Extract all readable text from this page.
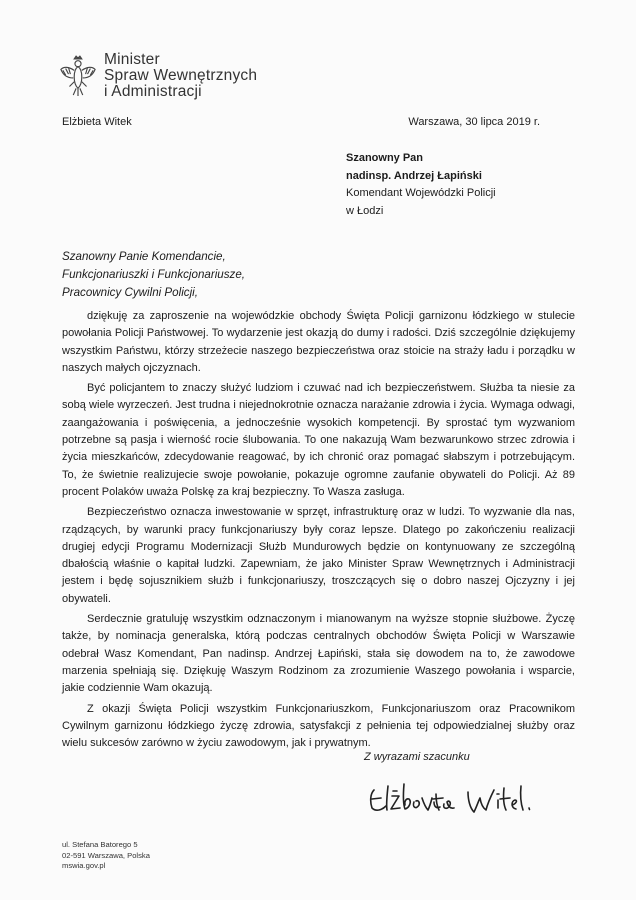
Minister
Spraw Wewnętrznych
i Administracji
Elżbieta Witek	Warszawa, 30 lipca 2019 r.
Szanowny Pan
nadinsp. Andrzej Łapiński
Komendant Wojewódzki Policji
w Łodzi
Szanowny Panie Komendancie,
Funkcjonariuszki i Funkcjonariusze,
Pracownicy Cywilni Policji,

dziękuję za zaproszenie na wojewódzkie obchody Święta Policji garnizonu łódzkiego w stulecie powołania Policji Państwowej. To wydarzenie jest okazją do dumy i radości. Dziś szczególnie dziękujemy wszystkim Państwu, którzy strzeżecie naszego bezpieczeństwa oraz stoicie na straży ładu i porządku w naszych małych ojczyznach.

Być policjantem to znaczy służyć ludziom i czuwać nad ich bezpieczeństwem. Służba ta niesie za sobą wiele wyrzeczeń. Jest trudna i niejednokrotnie oznacza narażanie zdrowia i życia. Wymaga odwagi, zaangażowania i poświęcenia, a jednocześnie wysokich kompetencji. By sprostać tym wyzwaniom potrzebne są pasja i wierność rocie ślubowania. To one nakazują Wam bezwarunkowo strzec zdrowia i życia mieszkańców, zdecydowanie reagować, by ich chronić oraz pomagać słabszym i potrzebującym. To, że świetnie realizujecie swoje powołanie, pokazuje ogromne zaufanie obywateli do Policji. Aż 89 procent Polaków uważa Polskę za kraj bezpieczny. To Wasza zasługa.

Bezpieczeństwo oznacza inwestowanie w sprzęt, infrastrukturę oraz w ludzi. To wyzwanie dla nas, rządzących, by warunki pracy funkcjonariuszy były coraz lepsze. Dlatego po zakończeniu realizacji drugiej edycji Programu Modernizacji Służb Mundurowych będzie on kontynuowany ze szczególną dbałością właśnie o kapitał ludzki. Zapewniam, że jako Minister Spraw Wewnętrznych i Administracji jestem i będę sojusznikiem służb i funkcjonariuszy, troszczących się o dobro naszej Ojczyzny i jej obywateli.

Serdecznie gratuluję wszystkim odznaczonym i mianowanym na wyższe stopnie służbowe. Życzę także, by nominacja generalska, którą podczas centralnych obchodów Święta Policji w Warszawie odebrał Wasz Komendant, Pan nadinsp. Andrzej Łapiński, stała się dowodem na to, że zawodowe marzenia spełniają się. Dziękuję Waszym Rodzinom za zrozumienie Waszego powołania i wsparcie, jakie codziennie Wam okazują.

Z okazji Święta Policji wszystkim Funkcjonariuszkom, Funkcjonariuszom oraz Pracownikom Cywilnym garnizonu łódzkiego życzę zdrowia, satysfakcji z pełnienia tej odpowiedzialnej służby oraz wielu sukcesów zarówno w życiu zawodowym, jak i prywatnym.

Z wyrazami szacunku
ul. Stefana Batorego 5
02-591 Warszawa, Polska
mswia.gov.pl
